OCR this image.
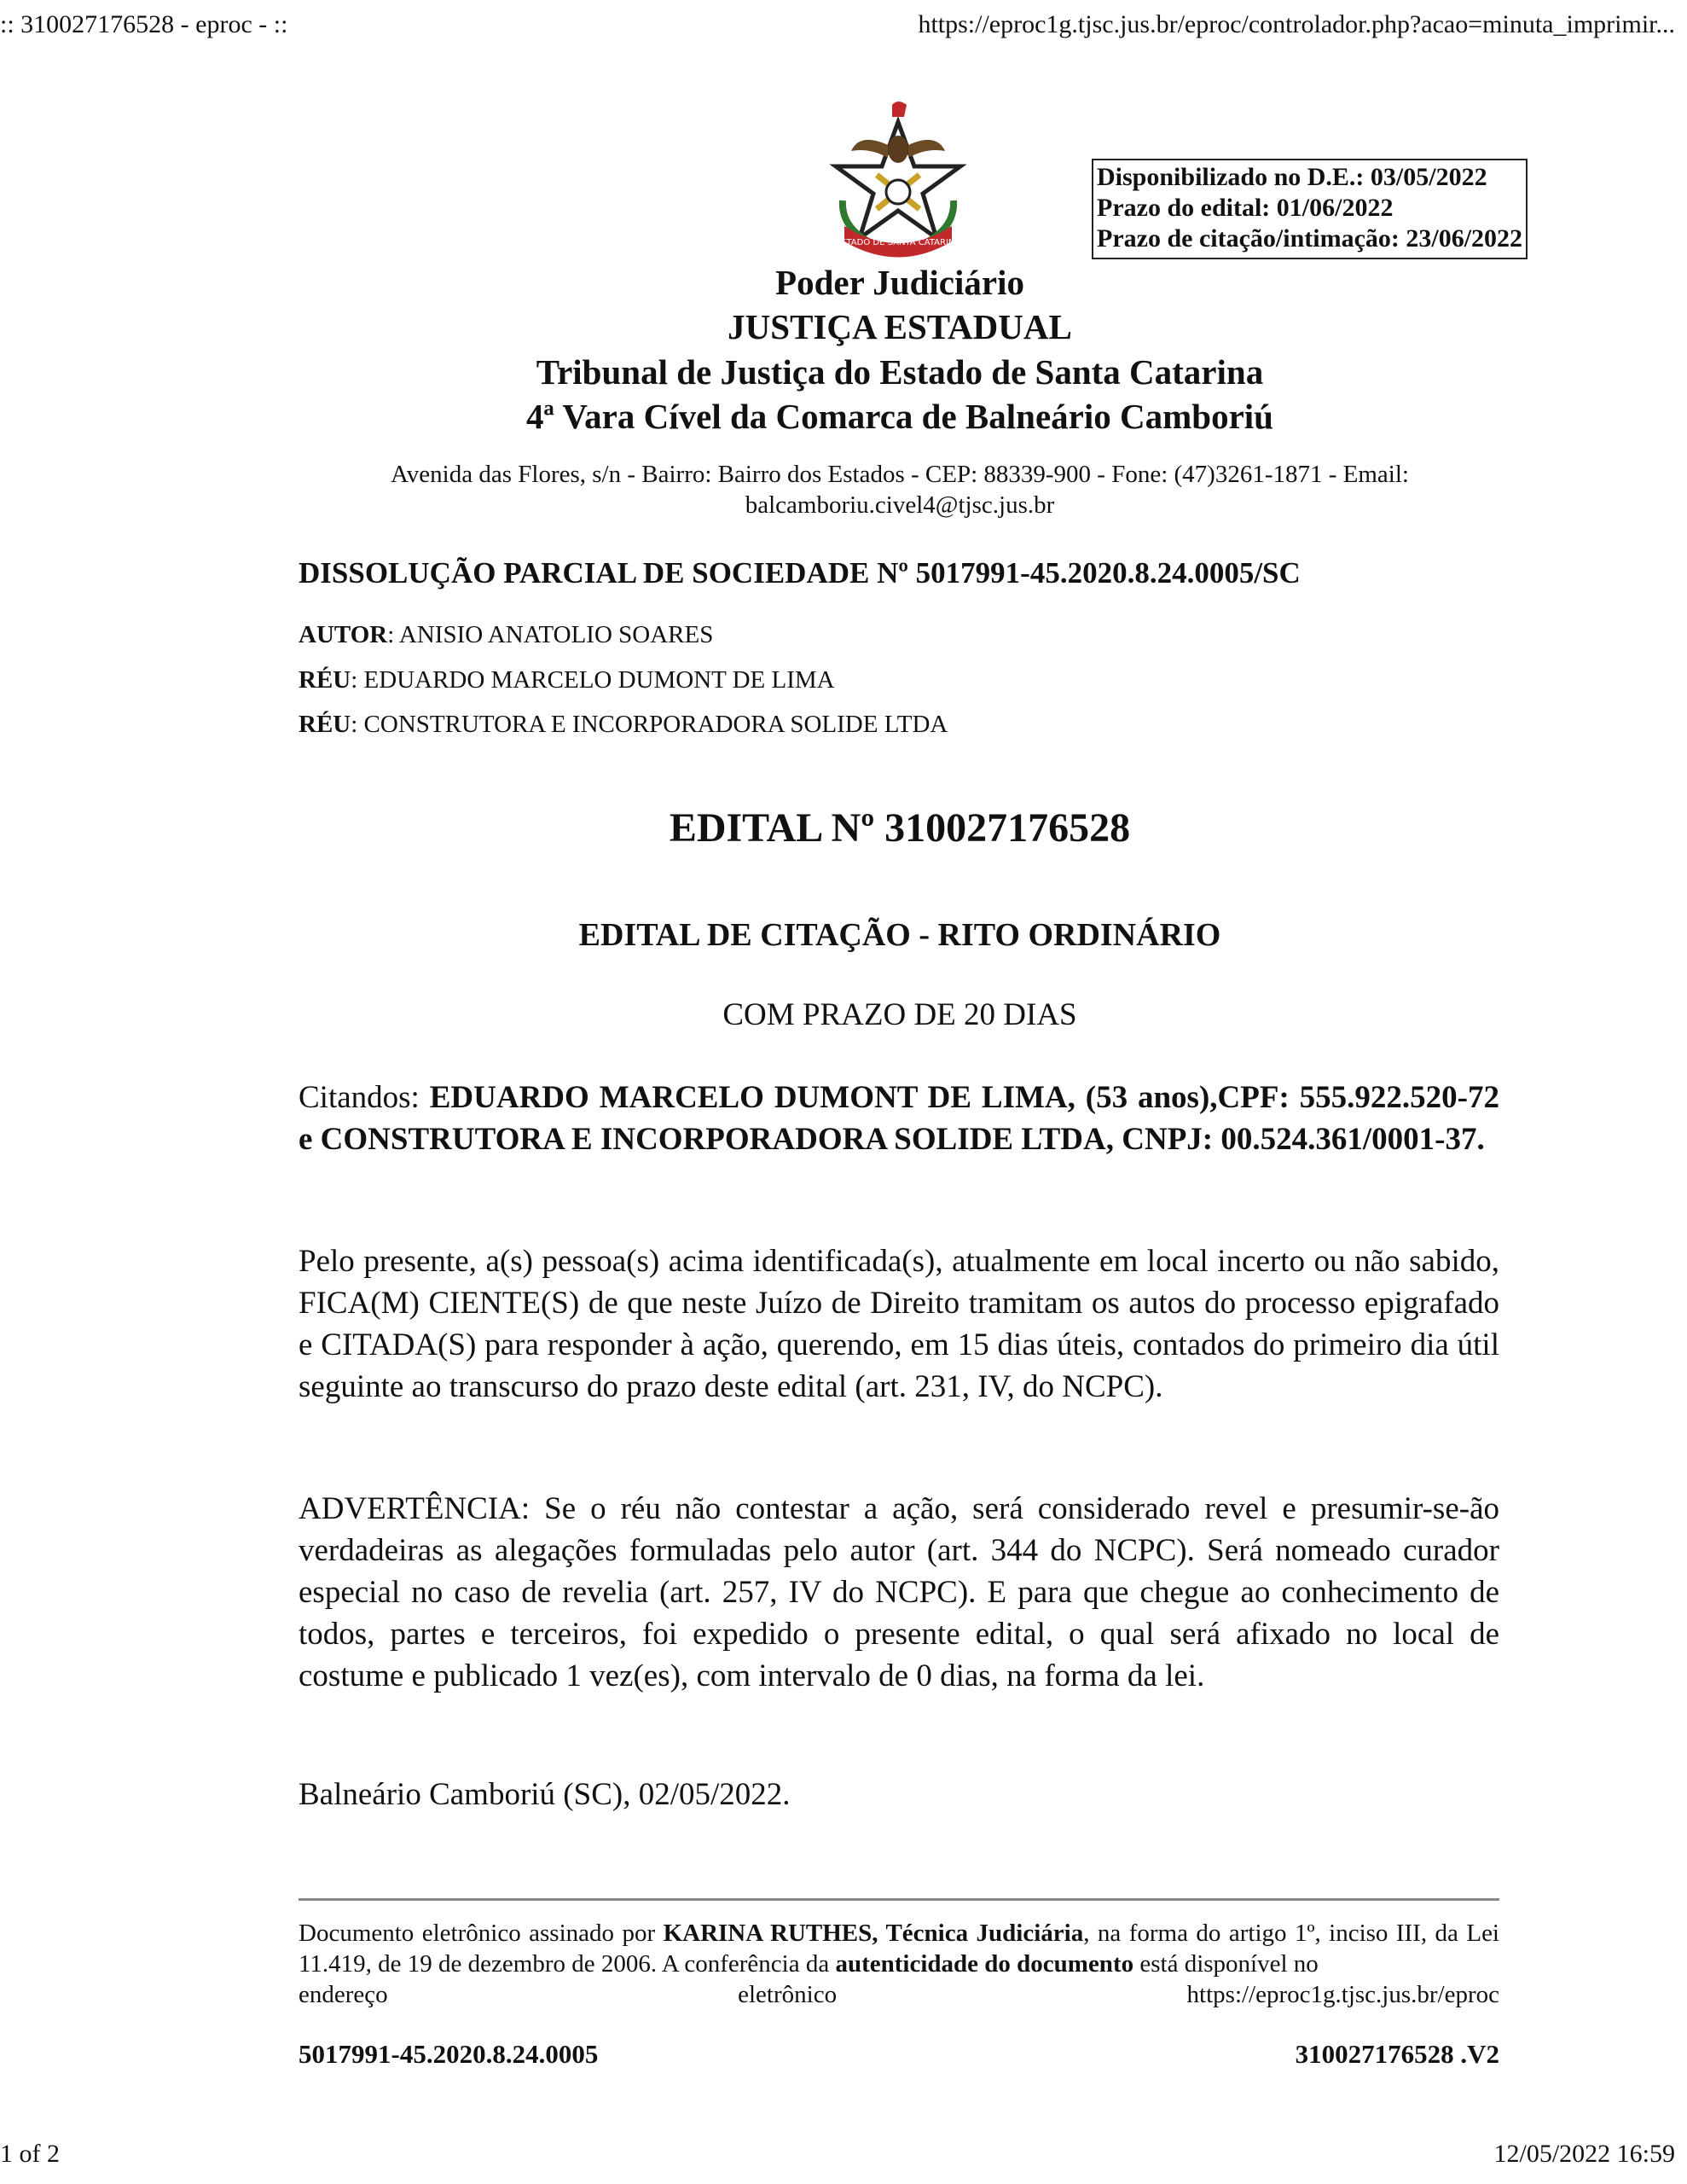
:: 310027176528 - eproc - ::	https://eproc1g.tjsc.jus.br/eproc/controlador.php?acao=minuta_imprimir...
ESTADO DE SANTA CATARINA
Disponibilizado no D.E.: 03/05/2022
Prazo do edital: 01/06/2022
Prazo de citação/intimação: 23/06/2022
Poder Judiciário
JUSTIÇA ESTADUAL
Tribunal de Justiça do Estado de Santa Catarina
4ª Vara Cível da Comarca de Balneário Camboriú
Avenida das Flores, s/n - Bairro: Bairro dos Estados - CEP: 88339-900 - Fone: (47)3261-1871 - Email:
balcamboriu.civel4@tjsc.jus.br
DISSOLUÇÃO PARCIAL DE SOCIEDADE Nº 5017991-45.2020.8.24.0005/SC
AUTOR: ANISIO ANATOLIO SOARES
RÉU: EDUARDO MARCELO DUMONT DE LIMA
RÉU: CONSTRUTORA E INCORPORADORA SOLIDE LTDA
EDITAL Nº 310027176528
EDITAL DE CITAÇÃO - RITO ORDINÁRIO
COM PRAZO DE 20 DIAS
Citandos: EDUARDO MARCELO DUMONT DE LIMA, (53 anos),CPF: 555.922.520-72 e CONSTRUTORA E INCORPORADORA SOLIDE LTDA, CNPJ: 00.524.361/0001-37.
Pelo presente, a(s) pessoa(s) acima identificada(s), atualmente em local incerto ou não sabido, FICA(M) CIENTE(S) de que neste Juízo de Direito tramitam os autos do processo epigrafado e CITADA(S) para responder à ação, querendo, em 15 dias úteis, contados do primeiro dia útil seguinte ao transcurso do prazo deste edital (art. 231, IV, do NCPC).
ADVERTÊNCIA: Se o réu não contestar a ação, será considerado revel e presumir-se-ão verdadeiras as alegações formuladas pelo autor (art. 344 do NCPC). Será nomeado curador especial no caso de revelia (art. 257, IV do NCPC). E para que chegue ao conhecimento de todos, partes e terceiros, foi expedido o presente edital, o qual será afixado no local de costume e publicado 1 vez(es), com intervalo de 0 dias, na forma da lei.
Balneário Camboriú (SC), 02/05/2022.
Documento eletrônico assinado por KARINA RUTHES, Técnica Judiciária, na forma do artigo 1º, inciso III, da Lei 11.419, de 19 de dezembro de 2006. A conferência da autenticidade do documento está disponível no
endereço	eletrônico	https://eproc1g.tjsc.jus.br/eproc
5017991-45.2020.8.24.0005	310027176528 .V2
1 of 2	12/05/2022 16:59
